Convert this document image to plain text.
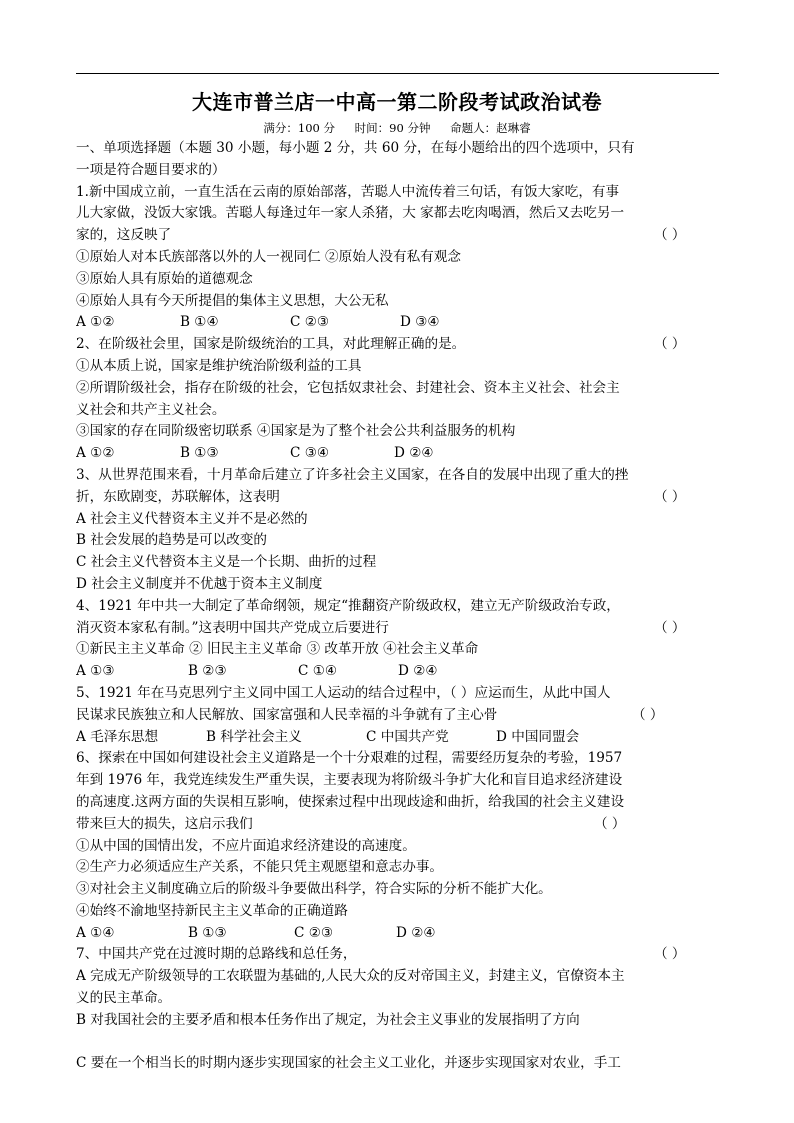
大连市普兰店一中高一第二阶段考试政治试卷
满分：100 分 时间：90 分钟 命题人：赵琳睿
一、单项选择题（本题 30 小题，每小题 2 分，共 60 分，在每小题给出的四个选项中，只有
一项是符合题目要求的）
1.新中国成立前，一直生活在云南的原始部落，苦聪人中流传着三句话，有饭大家吃，有事
儿大家做，没饭大家饿。苦聪人每逢过年一家人杀猪，大 家都去吃肉喝酒，然后又去吃另一
（ ）
家的，这反映了
①原始人对本氏族部落以外的人一视同仁 ②原始人没有私有观念
③原始人具有原始的道德观念
④原始人具有今天所提倡的集体主义思想，大公无私
A ①②	B ①④	C ②③	D ③④
（ ）
2、在阶级社会里，国家是阶级统治的工具，对此理解正确的是。
①从本质上说，国家是维护统治阶级利益的工具
②所谓阶级社会，指存在阶级的社会，它包括奴隶社会、封建社会、资本主义社会、社会主
义社会和共产主义社会。
③国家的存在同阶级密切联系 ④国家是为了整个社会公共利益服务的机构
A ①②	B ①③	C ③④	D ②④
3、从世界范围来看，十月革命后建立了许多社会主义国家，在各自的发展中出现了重大的挫
（ ）
折，东欧剧变，苏联解体，这表明
A 社会主义代替资本主义并不是必然的
B 社会发展的趋势是可以改变的
C 社会主义代替资本主义是一个长期、曲折的过程
D 社会主义制度并不优越于资本主义制度
4、1921 年中共一大制定了革命纲领，规定“推翻资产阶级政权，建立无产阶级政治专政，
（ ）
消灭资本家私有制。”这表明中国共产党成立后要进行
①新民主主义革命 ② 旧民主主义革命 ③ 改革开放 ④社会主义革命
A ①③	B ②③	C ①④	D ②④
5、1921 年在马克思列宁主义同中国工人运动的结合过程中，（ ）应运而生，从此中国人
（ ）
民谋求民族独立和人民解放、国家富强和人民幸福的斗争就有了主心骨
A 毛泽东思想	B 科学社会主义	C 中国共产党	D 中国同盟会
6、探索在中国如何建设社会主义道路是一个十分艰难的过程，需要经历复杂的考验，1957
年到 1976 年，我党连续发生严重失误，主要表现为将阶级斗争扩大化和盲目追求经济建设
的高速度.这两方面的失误相互影响，使探索过程中出现歧途和曲折，给我国的社会主义建设
（ ）
带来巨大的损失，这启示我们
①从中国的国情出发，不应片面追求经济建设的高速度。
②生产力必须适应生产关系，不能只凭主观愿望和意志办事。
③对社会主义制度确立后的阶级斗争要做出科学，符合实际的分析不能扩大化。
④始终不渝地坚持新民主主义革命的正确道路
A ①④	B ①③	C ②③	D ②④
（ ）
7、中国共产党在过渡时期的总路线和总任务，
A 完成无产阶级领导的工农联盟为基础的,人民大众的反对帝国主义，封建主义，官僚资本主
义的民主革命。
B 对我国社会的主要矛盾和根本任务作出了规定，为社会主义事业的发展指明了方向
C 要在一个相当长的时期内逐步实现国家的社会主义工业化，并逐步实现国家对农业，手工
